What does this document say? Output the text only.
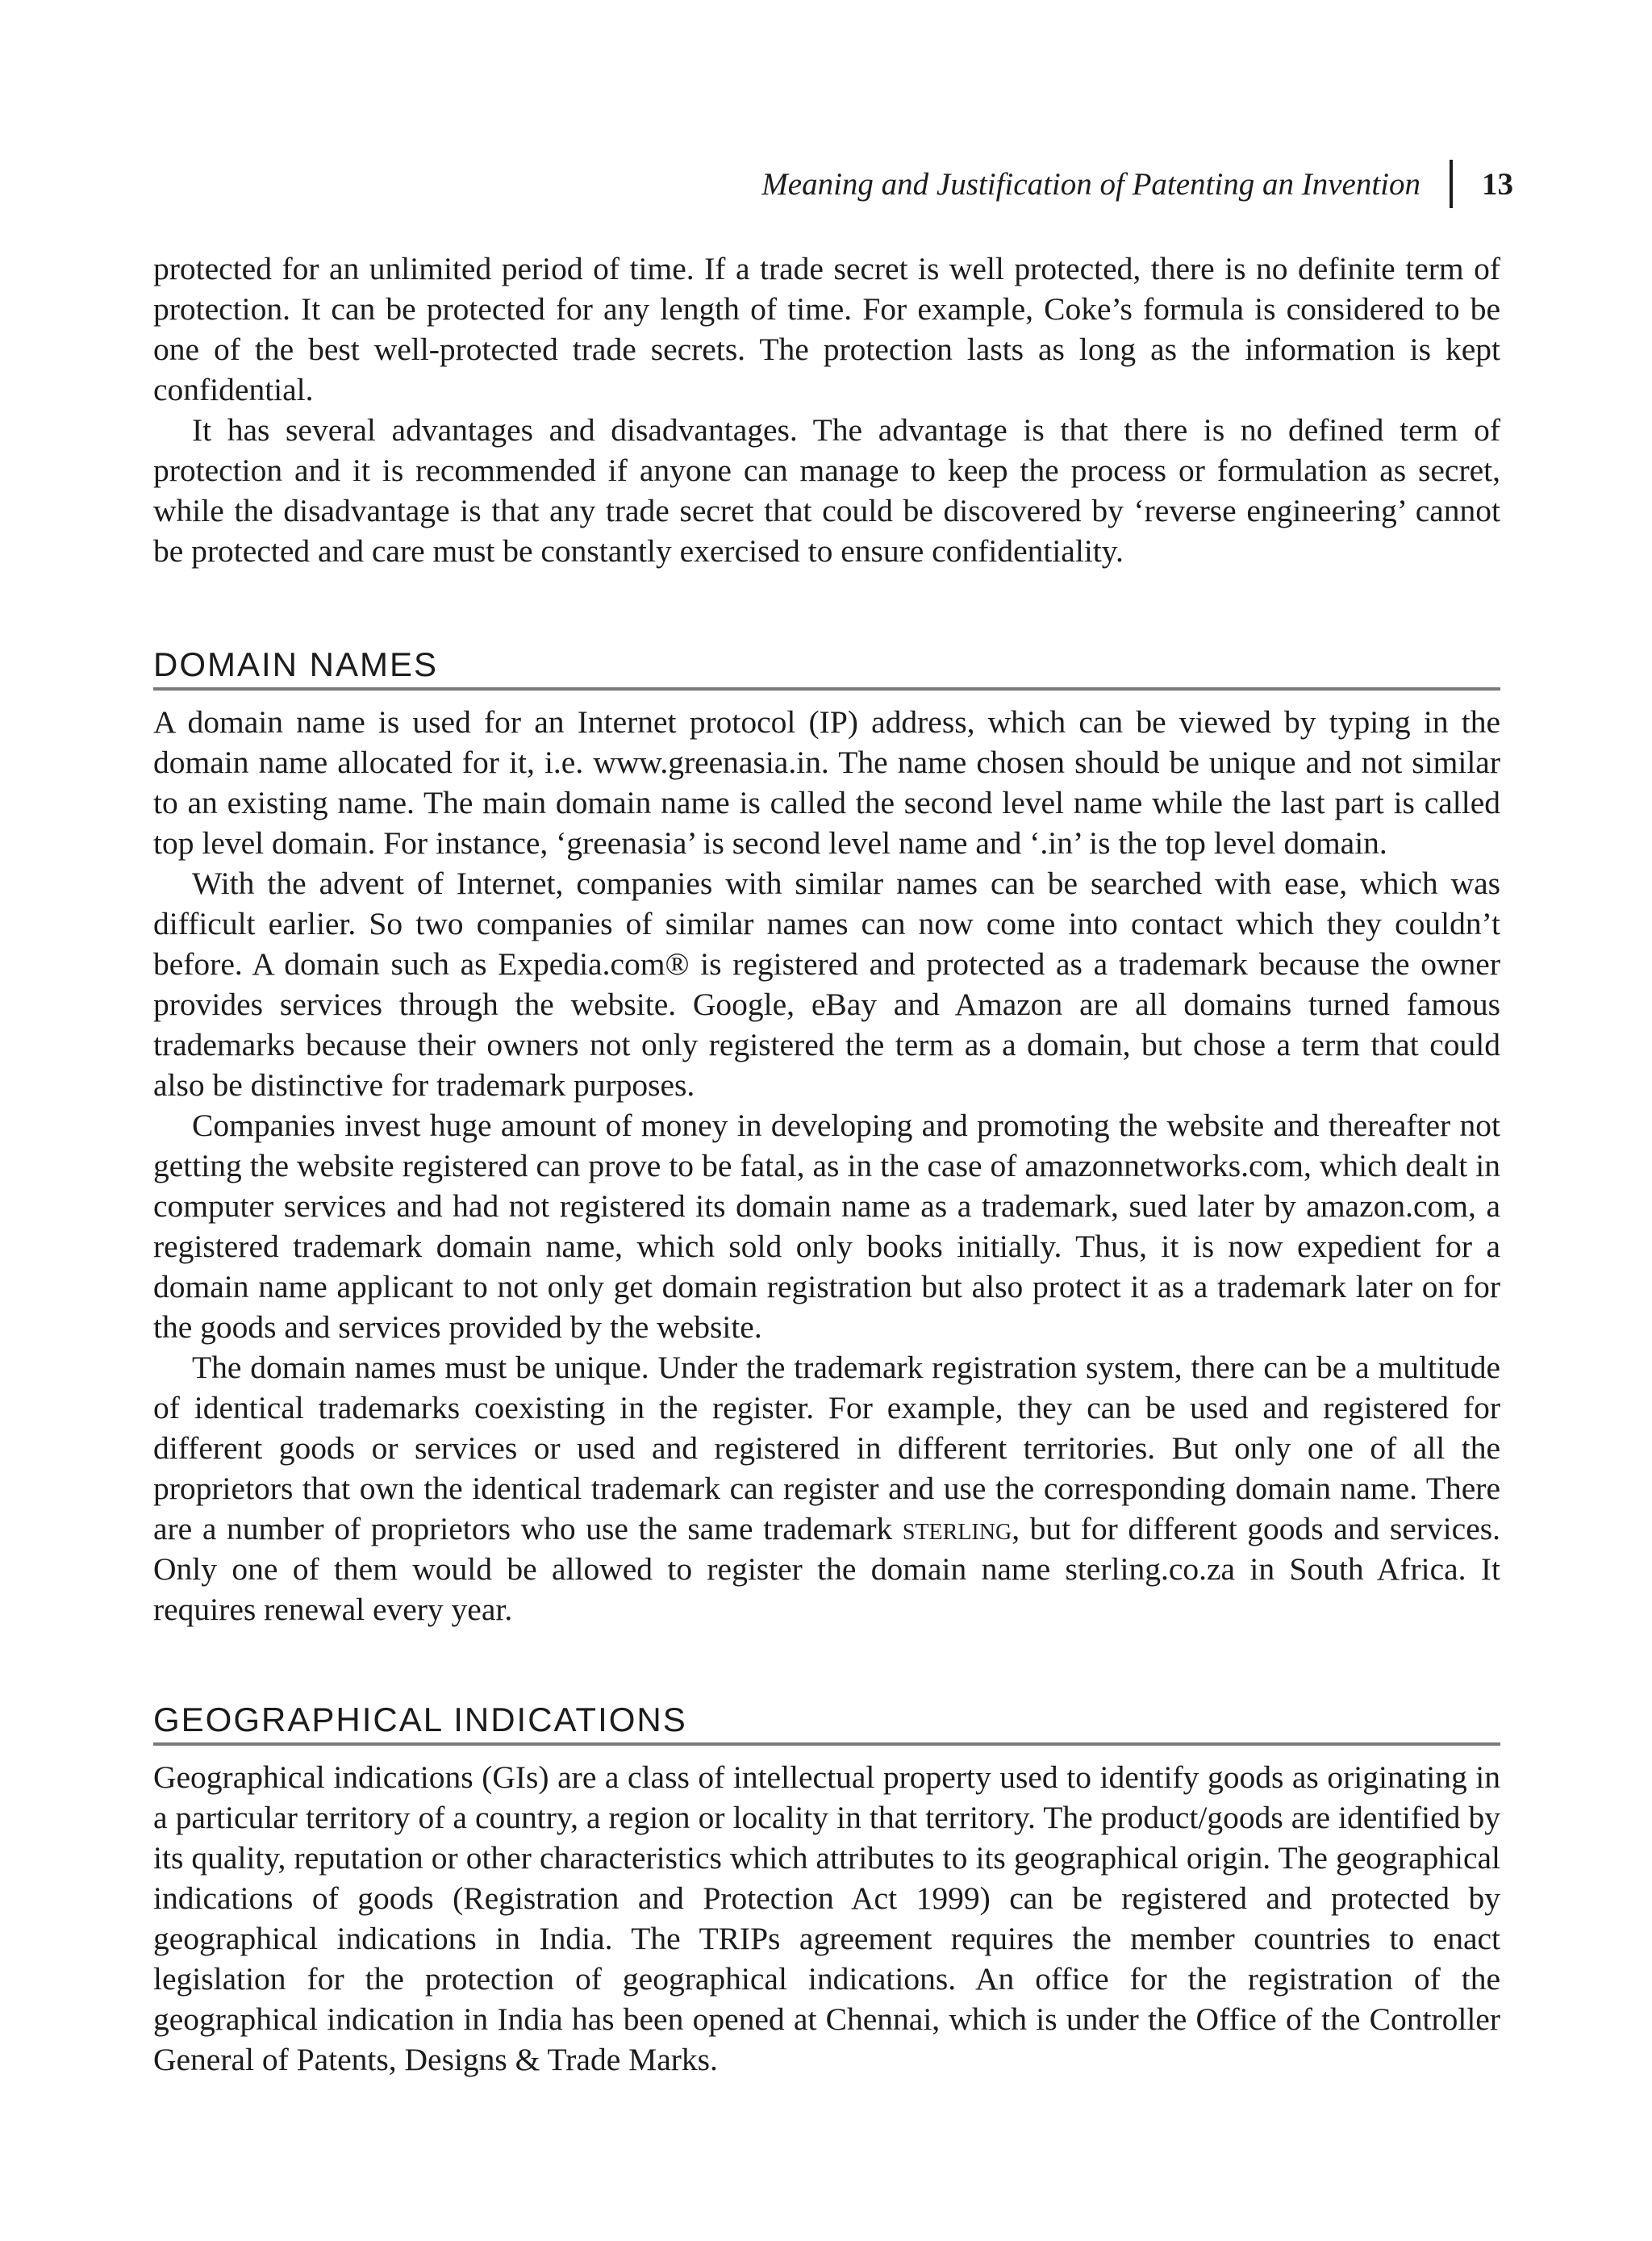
Meaning and Justification of Patenting an Invention	13

protected for an unlimited period of time. If a trade secret is well protected, there is no definite term of protection. It can be protected for any length of time. For example, Coke’s formula is considered to be one of the best well-protected trade secrets. The protection lasts as long as the information is kept confidential.

It has several advantages and disadvantages. The advantage is that there is no defined term of protection and it is recommended if anyone can manage to keep the process or formulation as secret, while the disadvantage is that any trade secret that could be discovered by ‘reverse engineering’ cannot be protected and care must be constantly exercised to ensure confidentiality.

DOMAIN NAMES

A domain name is used for an Internet protocol (IP) address, which can be viewed by typing in the domain name allocated for it, i.e. www.greenasia.in. The name chosen should be unique and not similar to an existing name. The main domain name is called the second level name while the last part is called top level domain. For instance, ‘greenasia’ is second level name and ‘.in’ is the top level domain.

With the advent of Internet, companies with similar names can be searched with ease, which was difficult earlier. So two companies of similar names can now come into contact which they couldn’t before. A domain such as Expedia.com® is registered and protected as a trademark because the owner provides services through the website. Google, eBay and Amazon are all domains turned famous trademarks because their owners not only registered the term as a domain, but chose a term that could also be distinctive for trademark purposes.

Companies invest huge amount of money in developing and promoting the website and thereafter not getting the website registered can prove to be fatal, as in the case of amazonnetworks.com, which dealt in computer services and had not registered its domain name as a trademark, sued later by amazon.com, a registered trademark domain name, which sold only books initially. Thus, it is now expedient for a domain name applicant to not only get domain registration but also protect it as a trademark later on for the goods and services provided by the website.

The domain names must be unique. Under the trademark registration system, there can be a multitude of identical trademarks coexisting in the register. For example, they can be used and registered for different goods or services or used and registered in different territories. But only one of all the proprietors that own the identical trademark can register and use the corresponding domain name. There are a number of proprietors who use the same trademark sterling, but for different goods and services. Only one of them would be allowed to register the domain name sterling.co.za in South Africa. It requires renewal every year.

GEOGRAPHICAL INDICATIONS

Geographical indications (GIs) are a class of intellectual property used to identify goods as originating in a particular territory of a country, a region or locality in that territory. The product/goods are identified by its quality, reputation or other characteristics which attributes to its geographical origin. The geographical indications of goods (Registration and Protection Act 1999) can be registered and protected by geographical indications in India. The TRIPs agreement requires the member countries to enact legislation for the protection of geographical indications. An office for the registration of the geographical indication in India has been opened at Chennai, which is under the Office of the Controller General of Patents, Designs & Trade Marks.
